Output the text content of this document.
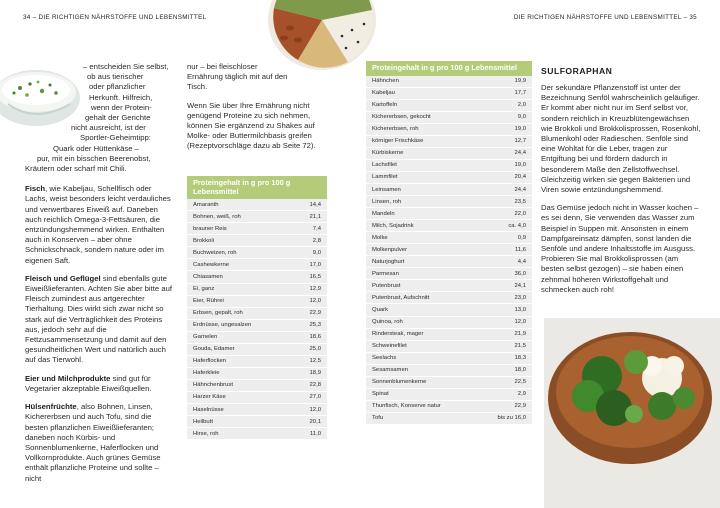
34 – DIE RICHTIGEN NÄHRSTOFFE UND LEBENSMITTEL	DIE RICHTIGEN NÄHRSTOFFE UND LEBENSMITTEL – 35
– entscheiden Sie selbst,
ob aus tierischer
oder pflanzlicher
Herkunft. Hilfreich,
wenn der Protein-
gehalt der Gerichte
nicht ausreicht, ist der
Sportler-Geheimtipp:
Quark oder Hüttenkäse –
pur, mit ein bisschen Beerenobst,
Kräutern oder scharf mit Chili.

Fisch, wie Kabeljau, Schellfisch oder Lachs, weist besonders leicht verdauliches und verwertbares Eiweiß auf. Daneben auch reichlich Omega-3-Fettsäuren, die entzündungshemmend wirken. Enthalten auch in Konserven – aber ohne Schnickschnack, sondern nature oder im eigenen Saft.

Fleisch und Geflügel sind ebenfalls gute Eiweißlieferanten. Achten Sie aber bitte auf Fleisch zumindest aus artgerechter Tierhaltung. Dies wirkt sich zwar nicht so stark auf die Verträglichkeit des Proteins aus, jedoch sehr auf die Fettzusammensetzung und damit auf den gesundheitlichen Wert und natürlich auch auf das Tierwohl.

Eier und Milchprodukte sind gut für Vegetarier akzeptable Eiweißquellen.

Hülsenfrüchte, also Bohnen, Linsen, Kichererbsen und auch Tofu, sind die besten pflanzlichen Eiweißlieferanten; daneben noch Kürbis- und Sonnenblumenkerne, Haferflocken und Vollkornprodukte. Auch grünes Gemüse enthält pflanzliche Proteine und sollte – nicht

nur – bei fleischloser Ernährung täglich mit auf den Tisch.

Wenn Sie über Ihre Ernährung nicht genügend Proteine zu sich nehmen, können Sie ergänzend zu Shakes auf Molke- oder Buttermilchbasis greifen (Rezeptvorschläge dazu ab Seite 72).

Proteingehalt in g pro 100 g Lebensmittel
Amaranth	14,4
Bohnen, weiß, roh	21,1
brauner Reis	7,4
Brokkoli	2,8
Buchweizen, roh	9,0
Cashewkerne	17,0
Chiasamen	16,5
Ei, ganz	12,9
Eier, Rührei	12,0
Erbsen, gepalt, roh	22,9
Erdnüsse, ungesalzen	25,3
Garnelen	18,6
Gouda, Edamer	25,0
Haferflocken	12,5
Haferkleie	18,9
Hähnchenbrust	22,8
Harzer Käse	27,0
Haselnüsse	12,0
Heilbutt	20,1
Hirse, roh	11,0
Proteingehalt in g pro 100 g Lebensmittel
Hähnchen	19,9
Kabeljau	17,7
Kartoffeln	2,0
Kichererbsen, gekocht	9,0
Kichererbsen, roh	19,0
körniger Frischkäse	12,7
Kürbiskerne	24,4
Lachsfilet	19,0
Lammfilet	20,4
Leinsamen	24,4
Linsen, roh	23,5
Mandeln	22,0
Milch, Sojadrink	ca. 4,0
Molke	0,9
Molkenpulver	11,6
Naturjoghurt	4,4
Parmesan	36,0
Putenbrust	24,1
Putenbrust, Aufschnitt	23,0
Quark	13,0
Quinoa, roh	12,0
Rindersteak, mager	21,9
Schweinefilet	21,5
Seelachs	18,3
Sesamsamen	18,0
Sonnenblumenkerne	22,5
Spinat	2,9
Thunfisch, Konserve natur	22,9
Tofu	bis zu 16,0
SULFORAPHAN

Der sekundäre Pflanzenstoff ist unter der Bezeichnung Senföl wahrscheinlich geläufiger. Er kommt aber nicht nur im Senf selbst vor, sondern reichlich in Kreuzblütengewächsen wie Brokkoli und Brokkolisprossen, Rosenkohl, Blumenkohl oder Radieschen. Senföle sind eine Wohltat für die Leber, tragen zur Entgiftung bei und fördern dadurch in besonderem Maße den Zellstoffwechsel. Gleichzeitig wirken sie gegen Bakterien und Viren sowie entzündungshemmend.

Das Gemüse jedoch nicht in Wasser kochen – es sei denn, Sie verwenden das Wasser zum Beispiel in Suppen mit. Ansonsten in einem Dampfgareinsatz dämpfen, sonst landen die Senföle und andere Inhaltsstoffe im Ausguss. Probieren Sie mal Brokkolisprossen (am besten selbst gezogen) – sie haben einen zehnmal höheren Wirkstoffgehalt und schmecken auch roh!
